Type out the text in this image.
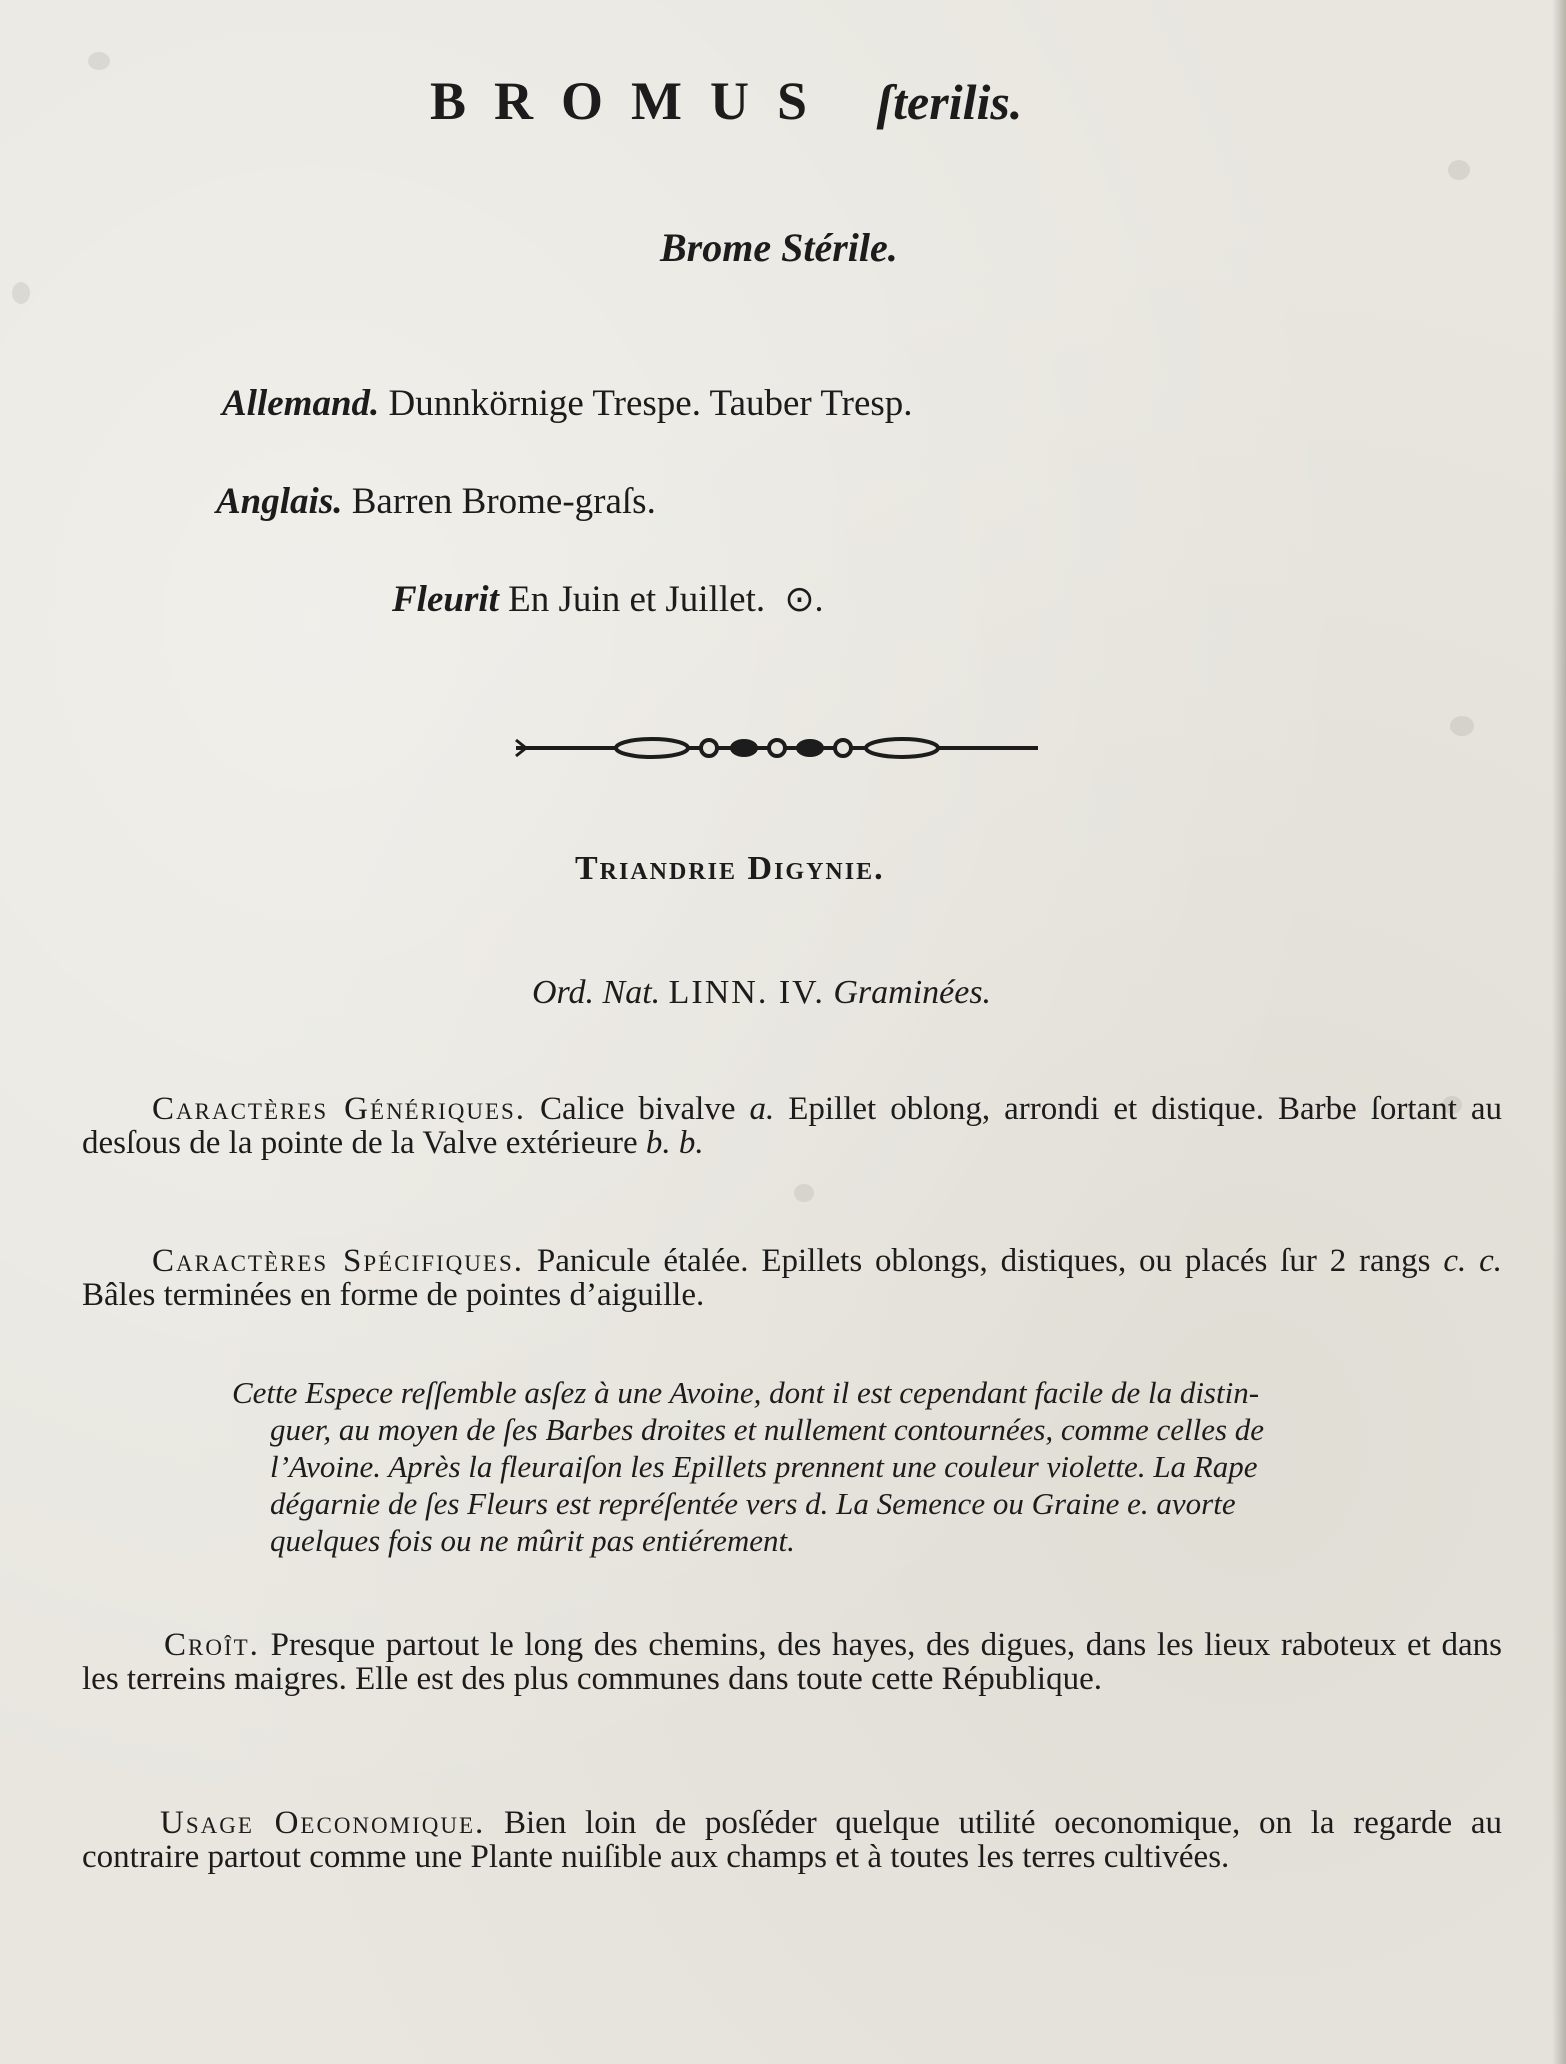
BROMUS ſterilis.
Brome Stérile.
Allemand. Dunnkörnige Trespe. Tauber Tresp.
Anglais. Barren Brome-graſs.
Fleurit En Juin et Juillet. ⊙.
Triandrie Digynie.
Ord. Nat. LINN. IV. Graminées.
Caractères Génériques. Calice bivalve a. Epillet oblong, arrondi et distique. Barbe ſortant au desſous de la pointe de la Valve extérieure b. b.
Caractères Spécifiques. Panicule étalée. Epillets oblongs, distiques, ou placés ſur 2 rangs c. c. Bâles terminées en forme de pointes d’aiguille.
Cette Espece reſſemble asſez à une Avoine, dont il est cependant facile de la distin-
guer, au moyen de ſes Barbes droites et nullement contournées, comme celles de
l’Avoine. Après la fleuraiſon les Epillets prennent une couleur violette. La Rape
dégarnie de ſes Fleurs est repréſentée vers d. La Semence ou Graine e. avorte
quelques fois ou ne mûrit pas entiérement.
Croît. Presque partout le long des chemins, des hayes, des digues, dans les lieux raboteux et dans les terreins maigres. Elle est des plus communes dans toute cette République.
Usage Oeconomique. Bien loin de posſéder quelque utilité oeconomique, on la regarde au contraire partout comme une Plante nuiſible aux champs et à toutes les terres cultivées.
